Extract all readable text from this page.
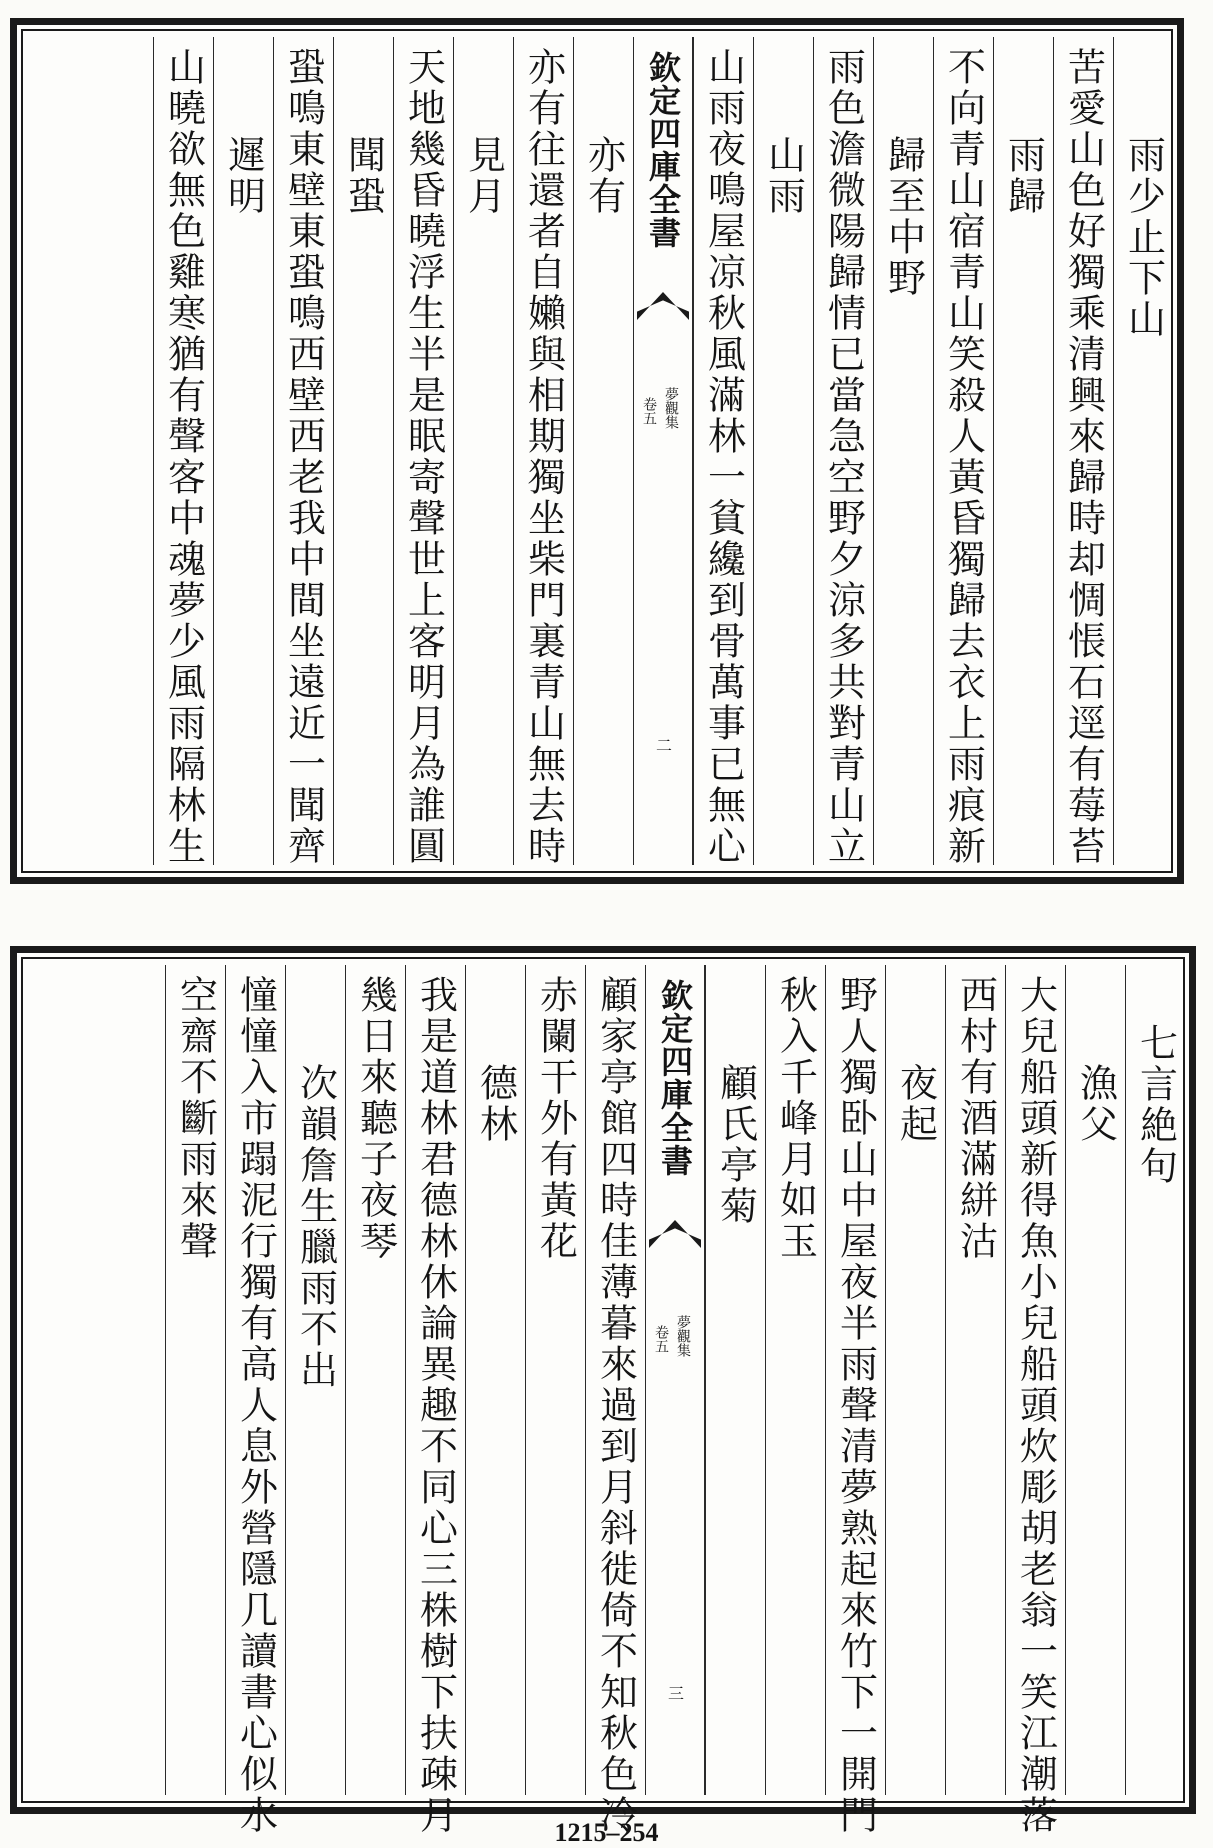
雨少止下山
苦愛山色好獨乘清興來歸時却惆悵石逕有莓苔
雨歸
不向青山宿青山笑殺人黃昏獨歸去衣上雨痕新
歸至中野
雨色澹微陽歸情已當急空野夕涼多共對青山立
山雨
山雨夜鳴屋凉秋風滿林一貧纔到骨萬事已無心
欽定四庫全書
夢觀集
卷五
二
亦有
亦有往還者自嬾與相期獨坐柴門裏青山無去時
見月
天地幾昏曉浮生半是眠寄聲世上客明月為誰圓
聞蛩
蛩鳴東壁東蛩鳴西壁西老我中間坐遠近一聞齊
遲明
山曉欲無色雞寒猶有聲客中魂夢少風雨隔林生
七言絶句
漁父
大兒船頭新得魚小兒船頭炊彫胡老翁一笑江潮落
西村有酒滿絣沽
夜起
野人獨卧山中屋夜半雨聲清夢熟起來竹下一開門
秋入千峰月如玉
顧氏亭菊
欽定四庫全書
夢觀集
卷五
三
顧家亭館四時佳薄暮來過到月斜徙倚不知秋色冷
赤闌干外有黃花
德林
我是道林君德林休論異趣不同心三株樹下扶疎月
幾日來聽子夜琴
次韻詹生臘雨不出
憧憧入市蹋泥行獨有高人息外營隱几讀書心似水
空齋不斷雨來聲
1215–254
